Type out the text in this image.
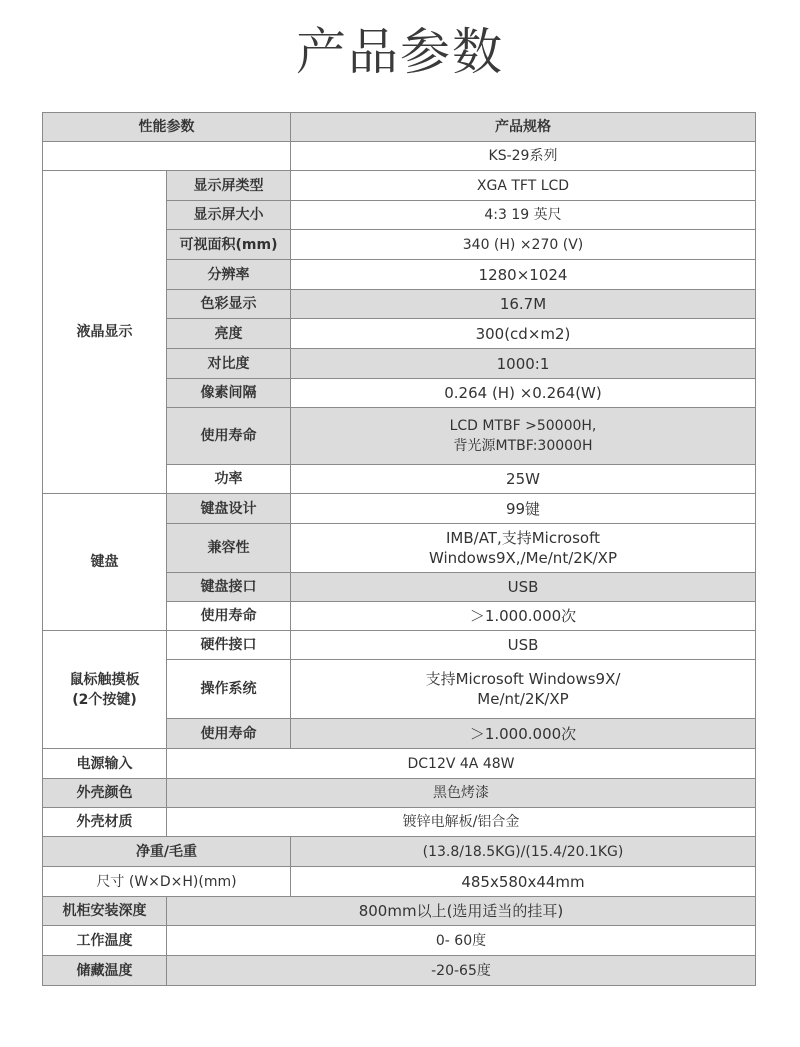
产品参数
性能参数		产品规格
		KS-29系列
液晶显示	显示屏类型	XGA TFT LCD
	显示屏大小	4:3 19 英尺
	可视面积(mm)	340 (H) ×270 (V)
	分辨率	1280×1024
	色彩显示	16.7M
	亮度	300(cd×m2)
	对比度	1000:1
	像素间隔	0.264 (H) ×0.264(W)
	使用寿命	LCD MTBF >50000H,
背光源MTBF:30000H

	功率	25W
键盘	键盘设计	99键
	兼容性	IMB/AT,支持Microsoft
Windows9X,/Me/nt/2K/XP

	键盘接口	USB
	使用寿命	＞1.000.000次

鼠标触摸板
(2个按键)	硬件接口	USB
	操作系统	支持Microsoft Windows9X/
Me/nt/2K/XP

	使用寿命	＞1.000.000次
电源输入	DC12V 4A 48W	
外壳颜色	黑色烤漆	
外壳材质	镀锌电解板/铝合金	
净重/毛重		(13.8/18.5KG)/(15.4/20.1KG)
尺寸 (W×D×H)(mm)		485x580x44mm
机柜安装深度	800mm以上(选用适当的挂耳)	
工作温度	0- 60度	
储藏温度	-20-65度	
